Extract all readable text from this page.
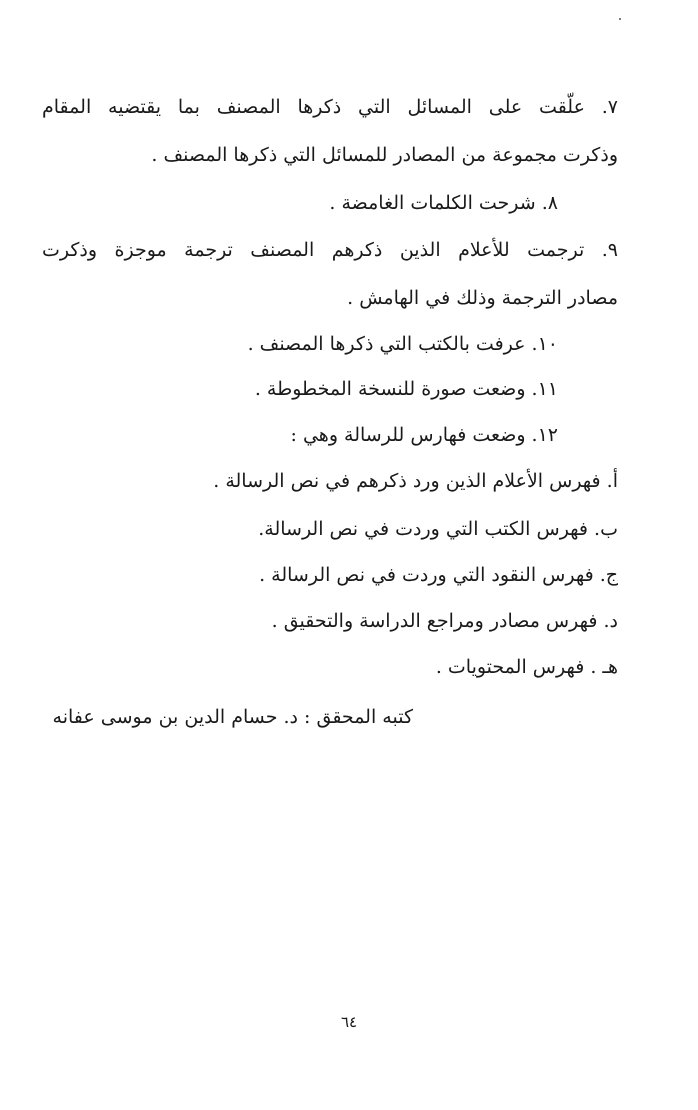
٧. علّقت على المسائل التي ذكرها المصنف بما يقتضيه المقام
وذكرت مجموعة من المصادر للمسائل التي ذكرها المصنف .
٨. شرحت الكلمات الغامضة .
٩. ترجمت للأعلام الذين ذكرهم المصنف ترجمة موجزة وذكرت
مصادر الترجمة وذلك في الهامش .
١٠. عرفت بالكتب التي ذكرها المصنف .
١١. وضعت صورة للنسخة المخطوطة .
١٢. وضعت فهارس للرسالة وهي :
أ. فهرس الأعلام الذين ورد ذكرهم في نص الرسالة .
ب. فهرس الكتب التي وردت في نص الرسالة.
ج. فهرس النقود التي وردت في نص الرسالة .
د. فهرس مصادر ومراجع الدراسة والتحقيق .
هـ . فهرس المحتويات .
كتبه المحقق : د. حسام الدين بن موسى عفانه
٦٤
